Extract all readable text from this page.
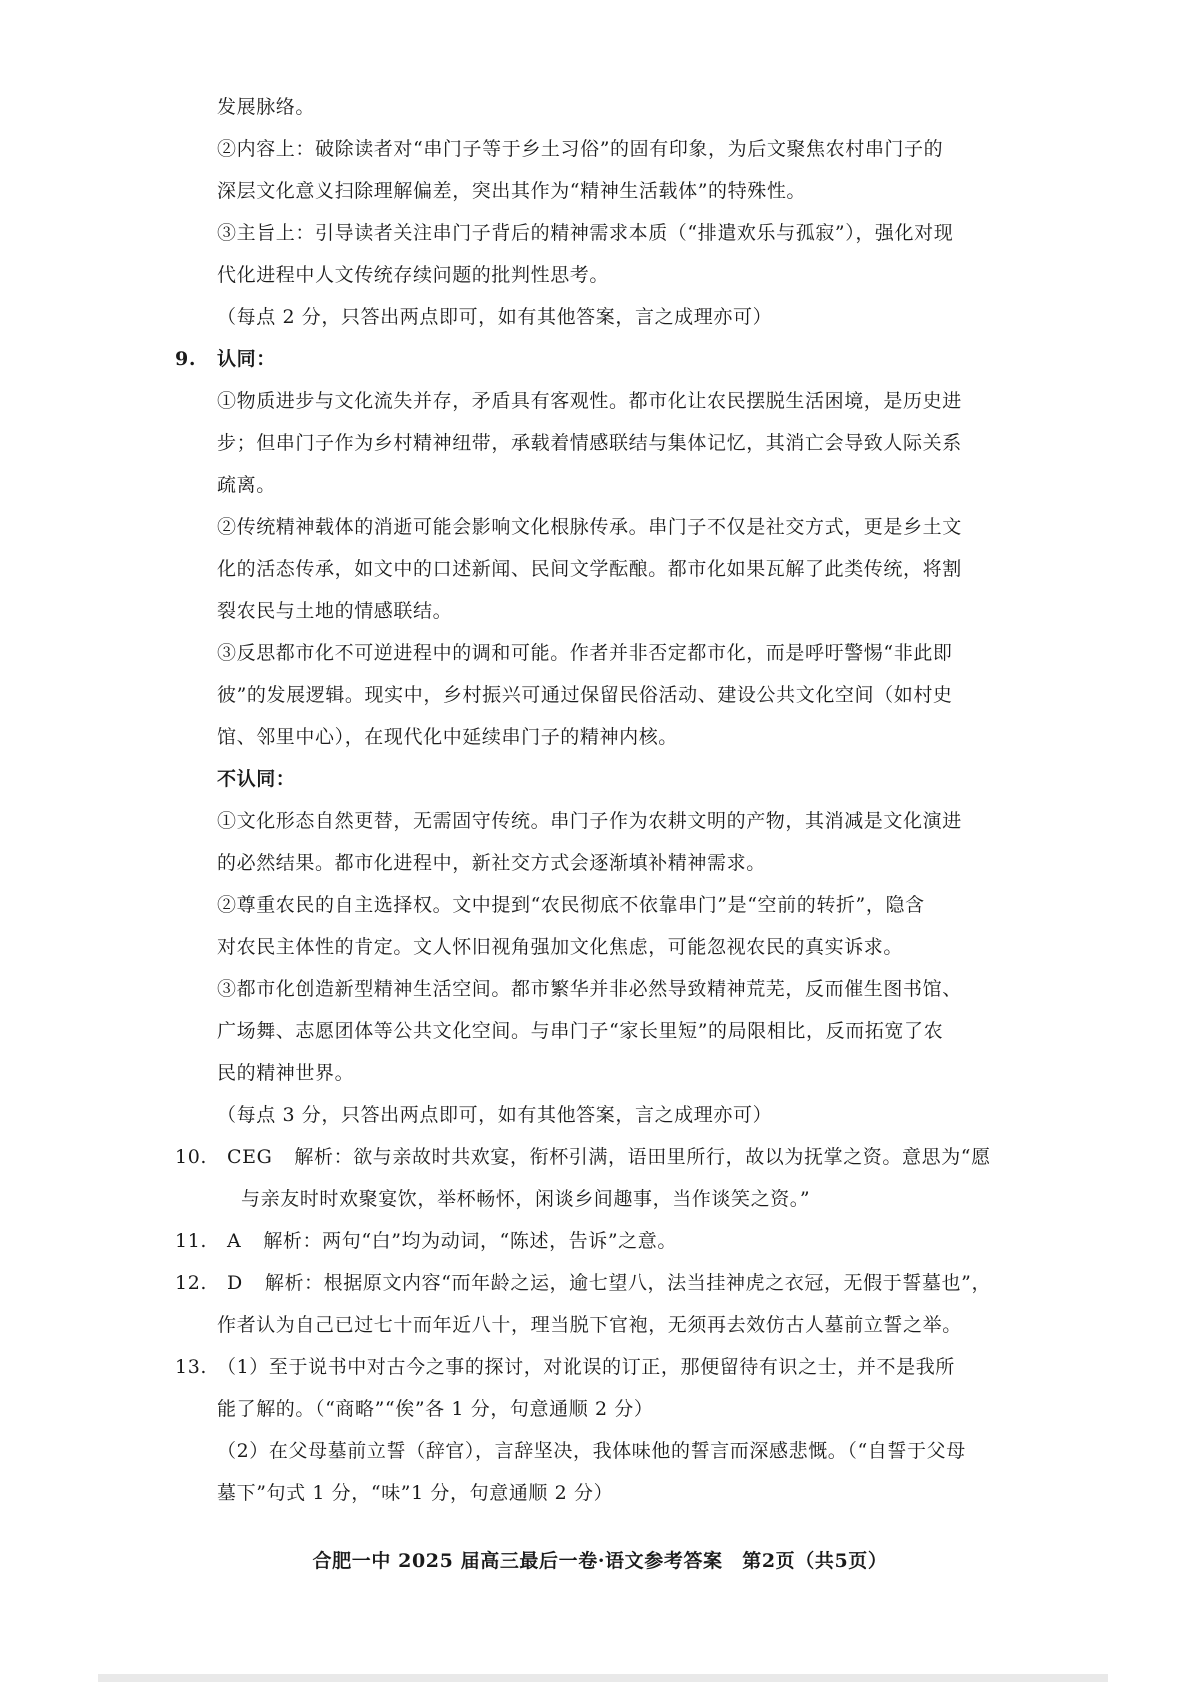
发展脉络。
②内容上：破除读者对“串门子等于乡土习俗”的固有印象，为后文聚焦农村串门子的
深层文化意义扫除理解偏差，突出其作为“精神生活载体”的特殊性。
③主旨上：引导读者关注串门子背后的精神需求本质（“排遣欢乐与孤寂”），强化对现
代化进程中人文传统存续问题的批判性思考。
（每点 2 分，只答出两点即可，如有其他答案，言之成理亦可）
9.	认同：
①物质进步与文化流失并存，矛盾具有客观性。都市化让农民摆脱生活困境，是历史进
步；但串门子作为乡村精神纽带，承载着情感联结与集体记忆，其消亡会导致人际关系
疏离。
②传统精神载体的消逝可能会影响文化根脉传承。串门子不仅是社交方式，更是乡土文
化的活态传承，如文中的口述新闻、民间文学酝酿。都市化如果瓦解了此类传统，将割
裂农民与土地的情感联结。
③反思都市化不可逆进程中的调和可能。作者并非否定都市化，而是呼吁警惕“非此即
彼”的发展逻辑。现实中，乡村振兴可通过保留民俗活动、建设公共文化空间（如村史
馆、邻里中心），在现代化中延续串门子的精神内核。
不认同：
①文化形态自然更替，无需固守传统。串门子作为农耕文明的产物，其消减是文化演进
的必然结果。都市化进程中，新社交方式会逐渐填补精神需求。
②尊重农民的自主选择权。文中提到“农民彻底不依靠串门”是“空前的转折”，隐含
对农民主体性的肯定。文人怀旧视角强加文化焦虑，可能忽视农民的真实诉求。
③都市化创造新型精神生活空间。都市繁华并非必然导致精神荒芜，反而催生图书馆、
广场舞、志愿团体等公共文化空间。与串门子“家长里短”的局限相比，反而拓宽了农
民的精神世界。
（每点 3 分，只答出两点即可，如有其他答案，言之成理亦可）
10.	CEG 解析：欲与亲故时共欢宴，衔杯引满，语田里所行，故以为抚掌之资。意思为“愿
与亲友时时欢聚宴饮，举杯畅怀，闲谈乡间趣事，当作谈笑之资。”
11.	A 解析：两句“白”均为动词，“陈述，告诉”之意。
12.	D 解析：根据原文内容“而年龄之运，逾七望八，法当挂神虎之衣冠，无假于誓墓也”，
作者认为自己已过七十而年近八十，理当脱下官袍，无须再去效仿古人墓前立誓之举。
13. （1）至于说书中对古今之事的探讨，对讹误的订正，那便留待有识之士，并不是我所
能了解的。（“商略”“俟”各 1 分，句意通顺 2 分）
（2）在父母墓前立誓（辞官），言辞坚决，我体味他的誓言而深感悲慨。（“自誓于父母
墓下”句式 1 分，“味”1 分，句意通顺 2 分）
合肥一中 2025 届高三最后一卷·语文参考答案　第2页（共5页）
